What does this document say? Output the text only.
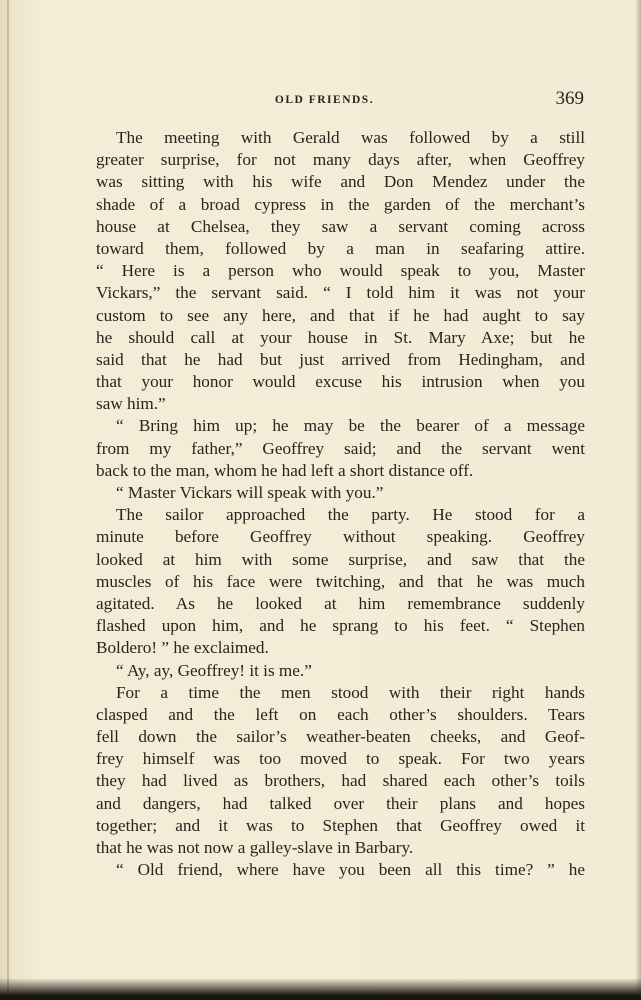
OLD FRIENDS.	369
The meeting with Gerald was followed by a still
greater surprise, for not many days after, when Geoffrey
was sitting with his wife and Don Mendez under the
shade of a broad cypress in the garden of the merchant’s
house at Chelsea, they saw a servant coming across
toward them, followed by a man in seafaring attire.
“ Here is a person who would speak to you, Master
Vickars,” the servant said. “ I told him it was not your
custom to see any here, and that if he had aught to say
he should call at your house in St. Mary Axe; but he
said that he had but just arrived from Hedingham, and
that your honor would excuse his intrusion when you
saw him.”
“ Bring him up; he may be the bearer of a message
from my father,” Geoffrey said; and the servant went
back to the man, whom he had left a short distance off.
“ Master Vickars will speak with you.”
The sailor approached the party. He stood for a
minute before Geoffrey without speaking. Geoffrey
looked at him with some surprise, and saw that the
muscles of his face were twitching, and that he was much
agitated. As he looked at him remembrance suddenly
flashed upon him, and he sprang to his feet. “ Stephen
Boldero! ” he exclaimed.
“ Ay, ay, Geoffrey! it is me.”
For a time the men stood with their right hands
clasped and the left on each other’s shoulders. Tears
fell down the sailor’s weather-beaten cheeks, and Geof-
frey himself was too moved to speak. For two years
they had lived as brothers, had shared each other’s toils
and dangers, had talked over their plans and hopes
together; and it was to Stephen that Geoffrey owed it
that he was not now a galley-slave in Barbary.
“ Old friend, where have you been all this time? ” he
